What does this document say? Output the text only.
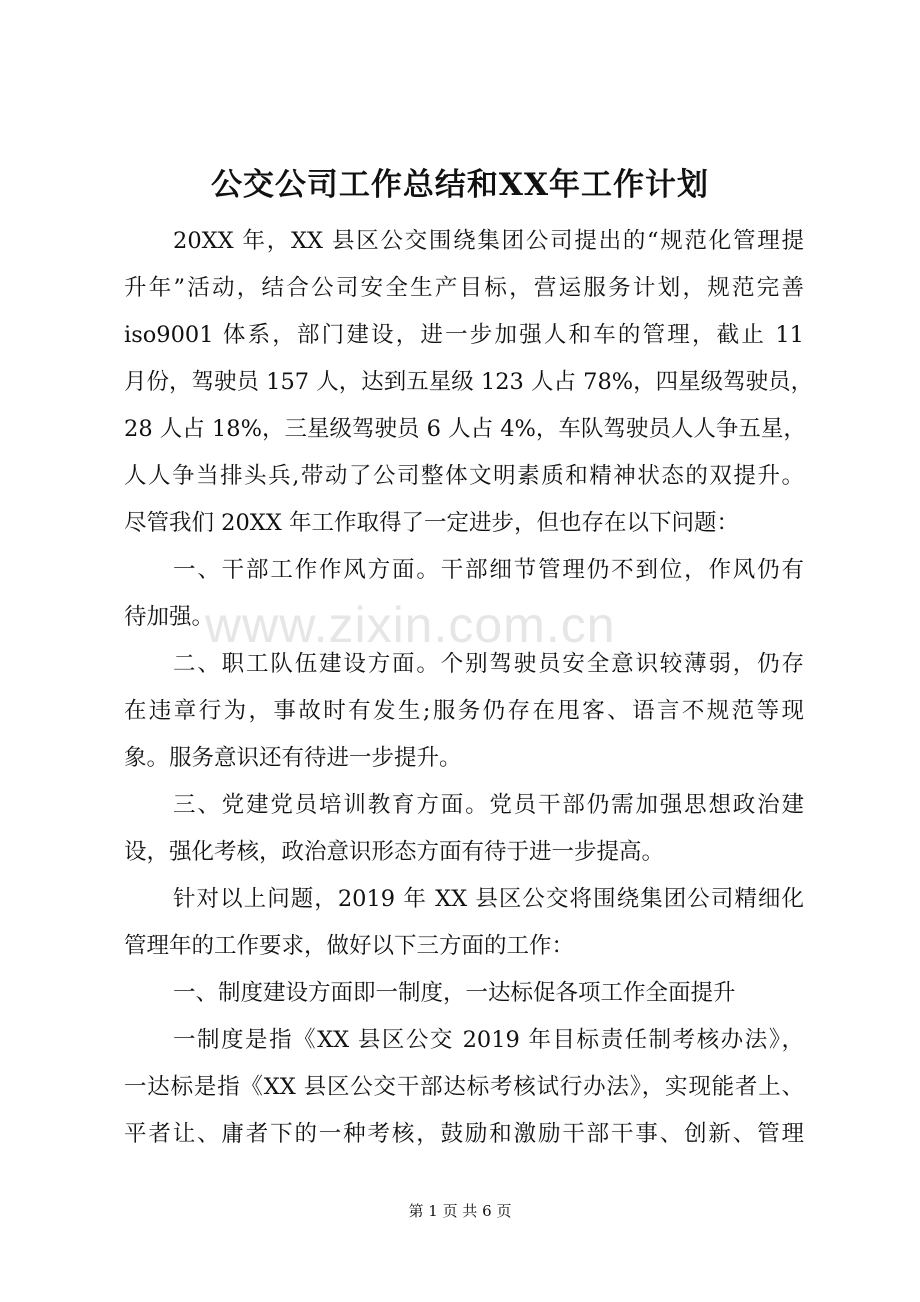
www.zixin.com.cn
公交公司工作总结和XX年工作计划
20XX 年，XX 县区公交围绕集团公司提出的“规范化管理提
升年”活动，结合公司安全生产目标，营运服务计划，规范完善
iso9001 体系，部门建设，进一步加强人和车的管理，截止 11
月份，驾驶员 157 人，达到五星级 123 人占 78%，四星级驾驶员，
28 人占 18%，三星级驾驶员 6 人占 4%，车队驾驶员人人争五星，
人人争当排头兵,带动了公司整体文明素质和精神状态的双提升。
尽管我们 20XX 年工作取得了一定进步，但也存在以下问题：
一、干部工作作风方面。干部细节管理仍不到位，作风仍有
待加强。
二、职工队伍建设方面。个别驾驶员安全意识较薄弱，仍存
在违章行为，事故时有发生;服务仍存在甩客、语言不规范等现
象。服务意识还有待进一步提升。
三、党建党员培训教育方面。党员干部仍需加强思想政治建
设，强化考核，政治意识形态方面有待于进一步提高。
针对以上问题，2019 年 XX 县区公交将围绕集团公司精细化
管理年的工作要求，做好以下三方面的工作：
一、制度建设方面即一制度，一达标促各项工作全面提升
一制度是指《XX 县区公交 2019 年目标责任制考核办法》，
一达标是指《XX 县区公交干部达标考核试行办法》，实现能者上、
平者让、庸者下的一种考核，鼓励和激励干部干事、创新、管理
第 1 页 共 6 页
